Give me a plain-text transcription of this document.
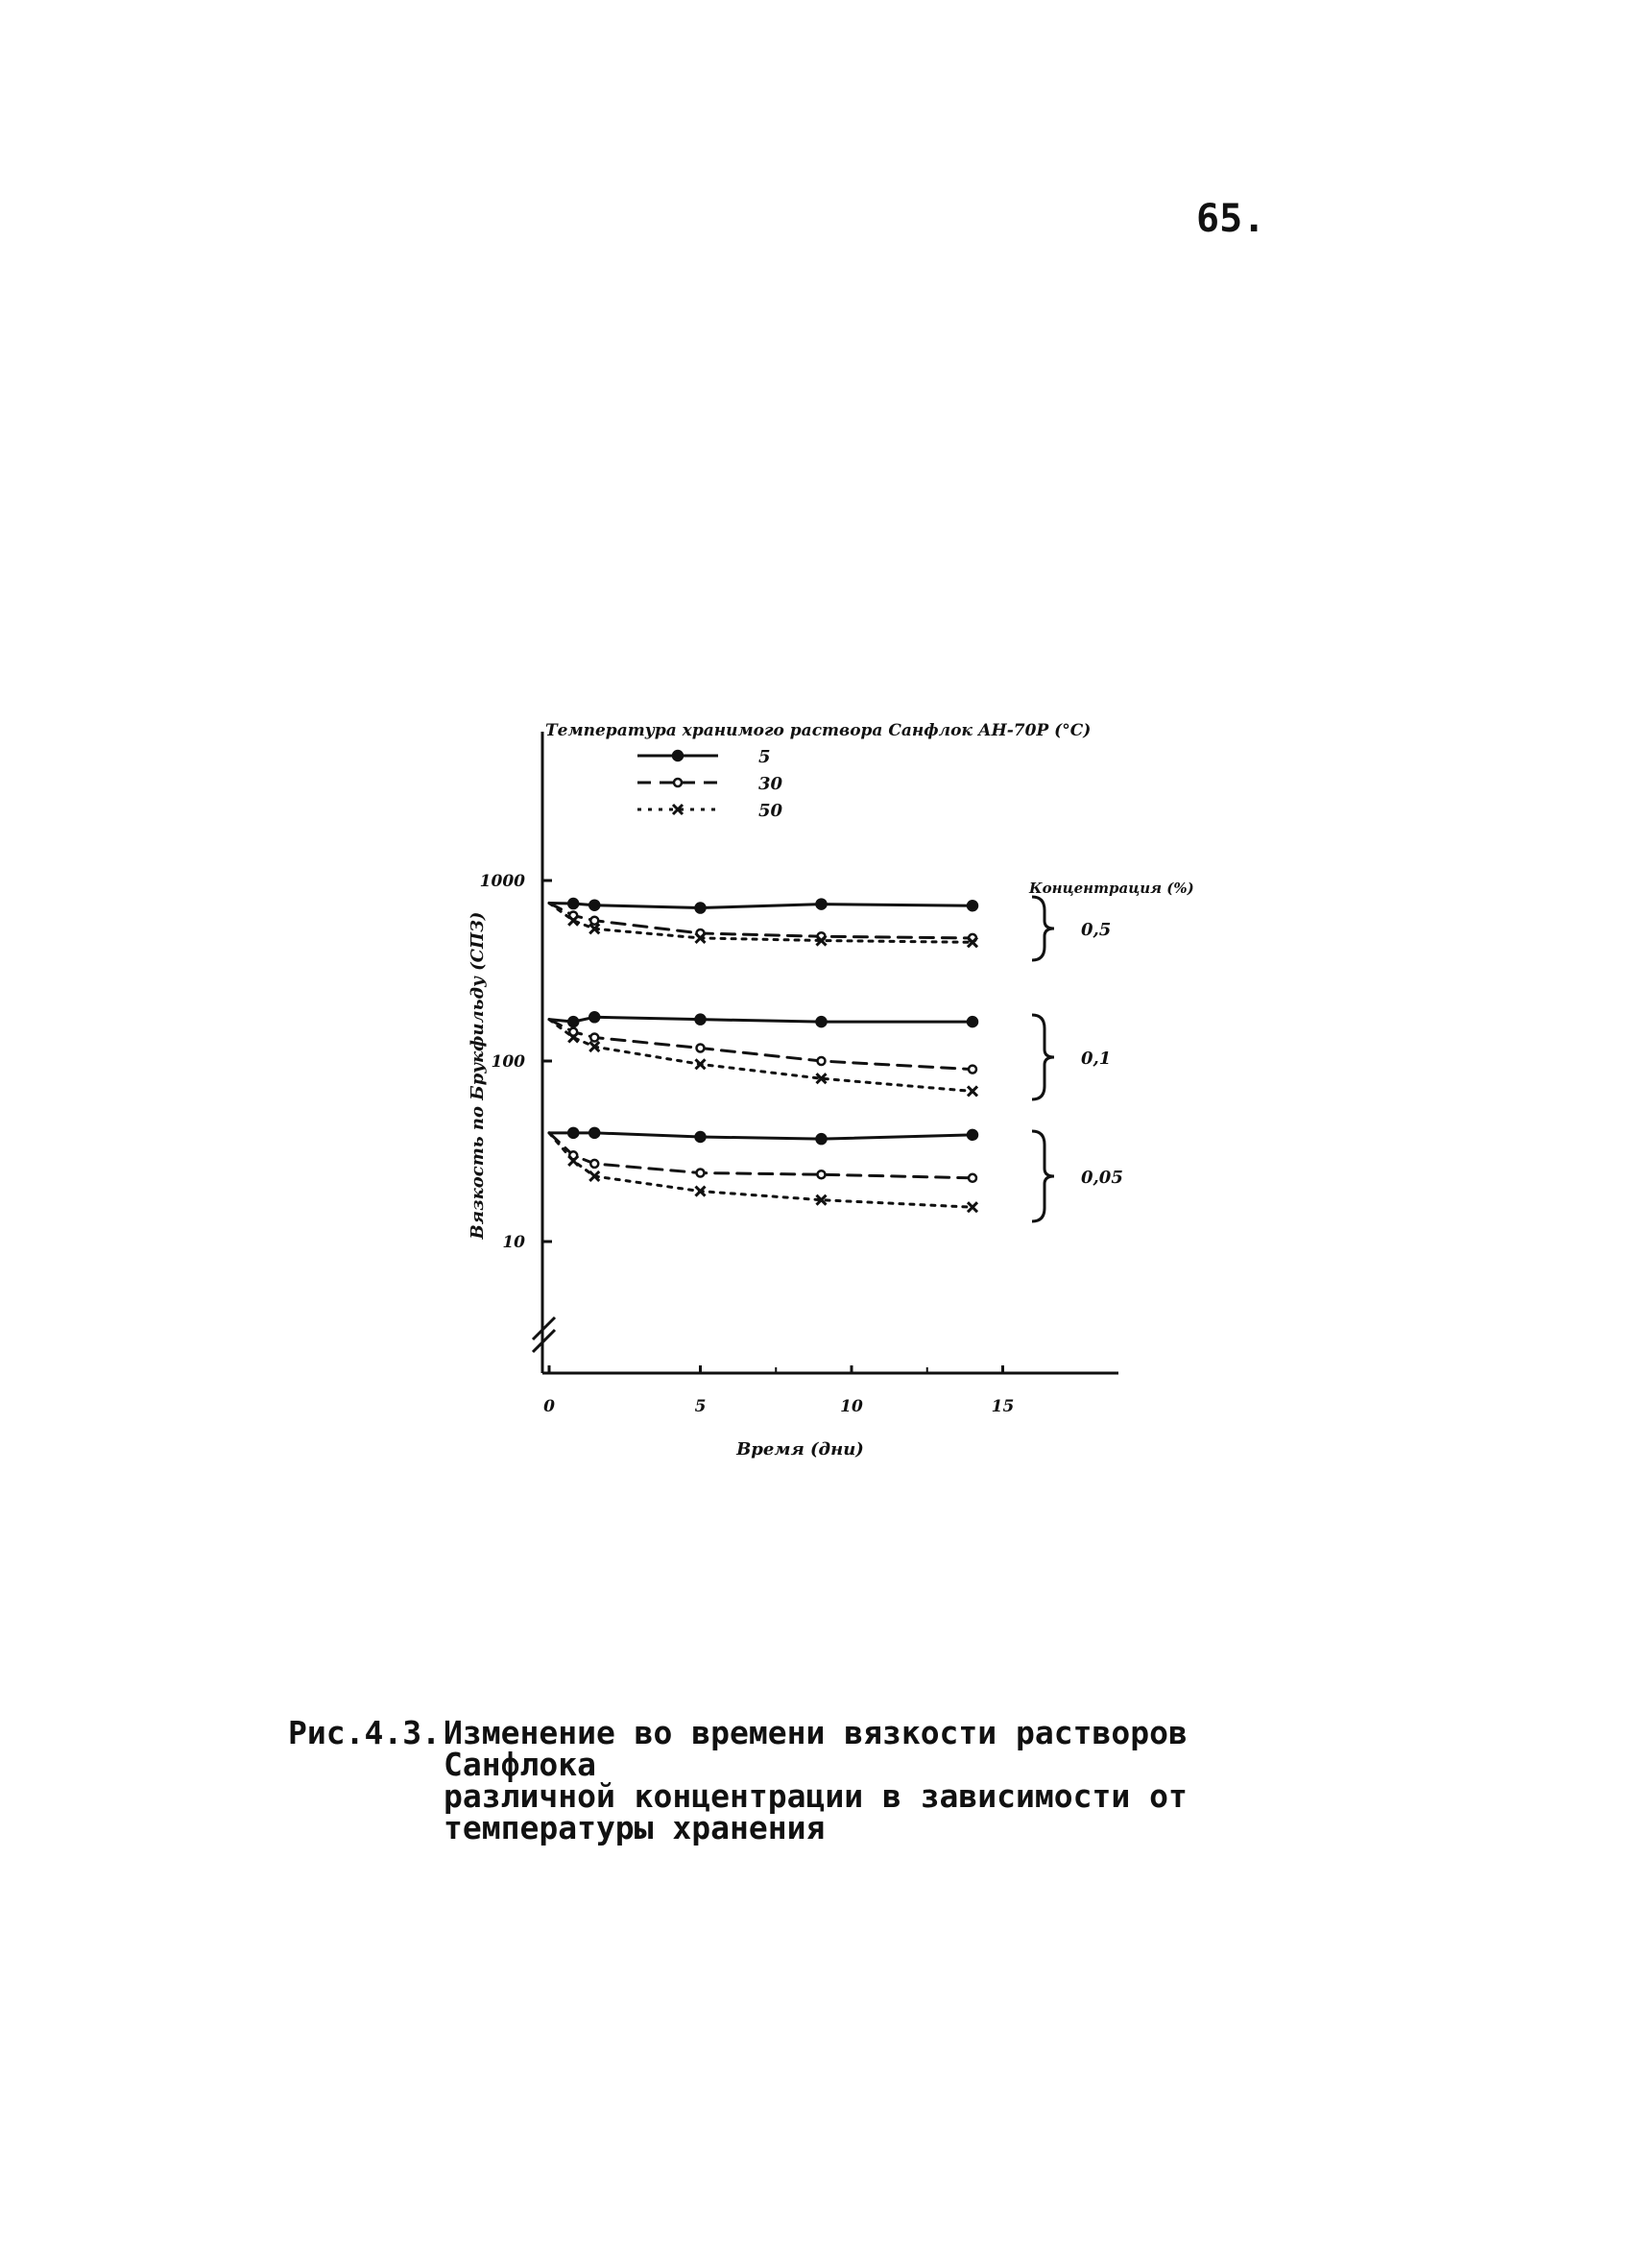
65.
1000
100
10
0	5	10	15
Время (дни)
Вязкость по Брукфильду (CПЗ)
Температура хранимого раствора Санфлок АН-70Р (°C)
5
30
50
Концентрация (%)
0,5
0,1
0,05
Рис.4.3.Изменение во времени вязкости растворов Санфлока
различной концентрации в зависимости от
температуры хранения
